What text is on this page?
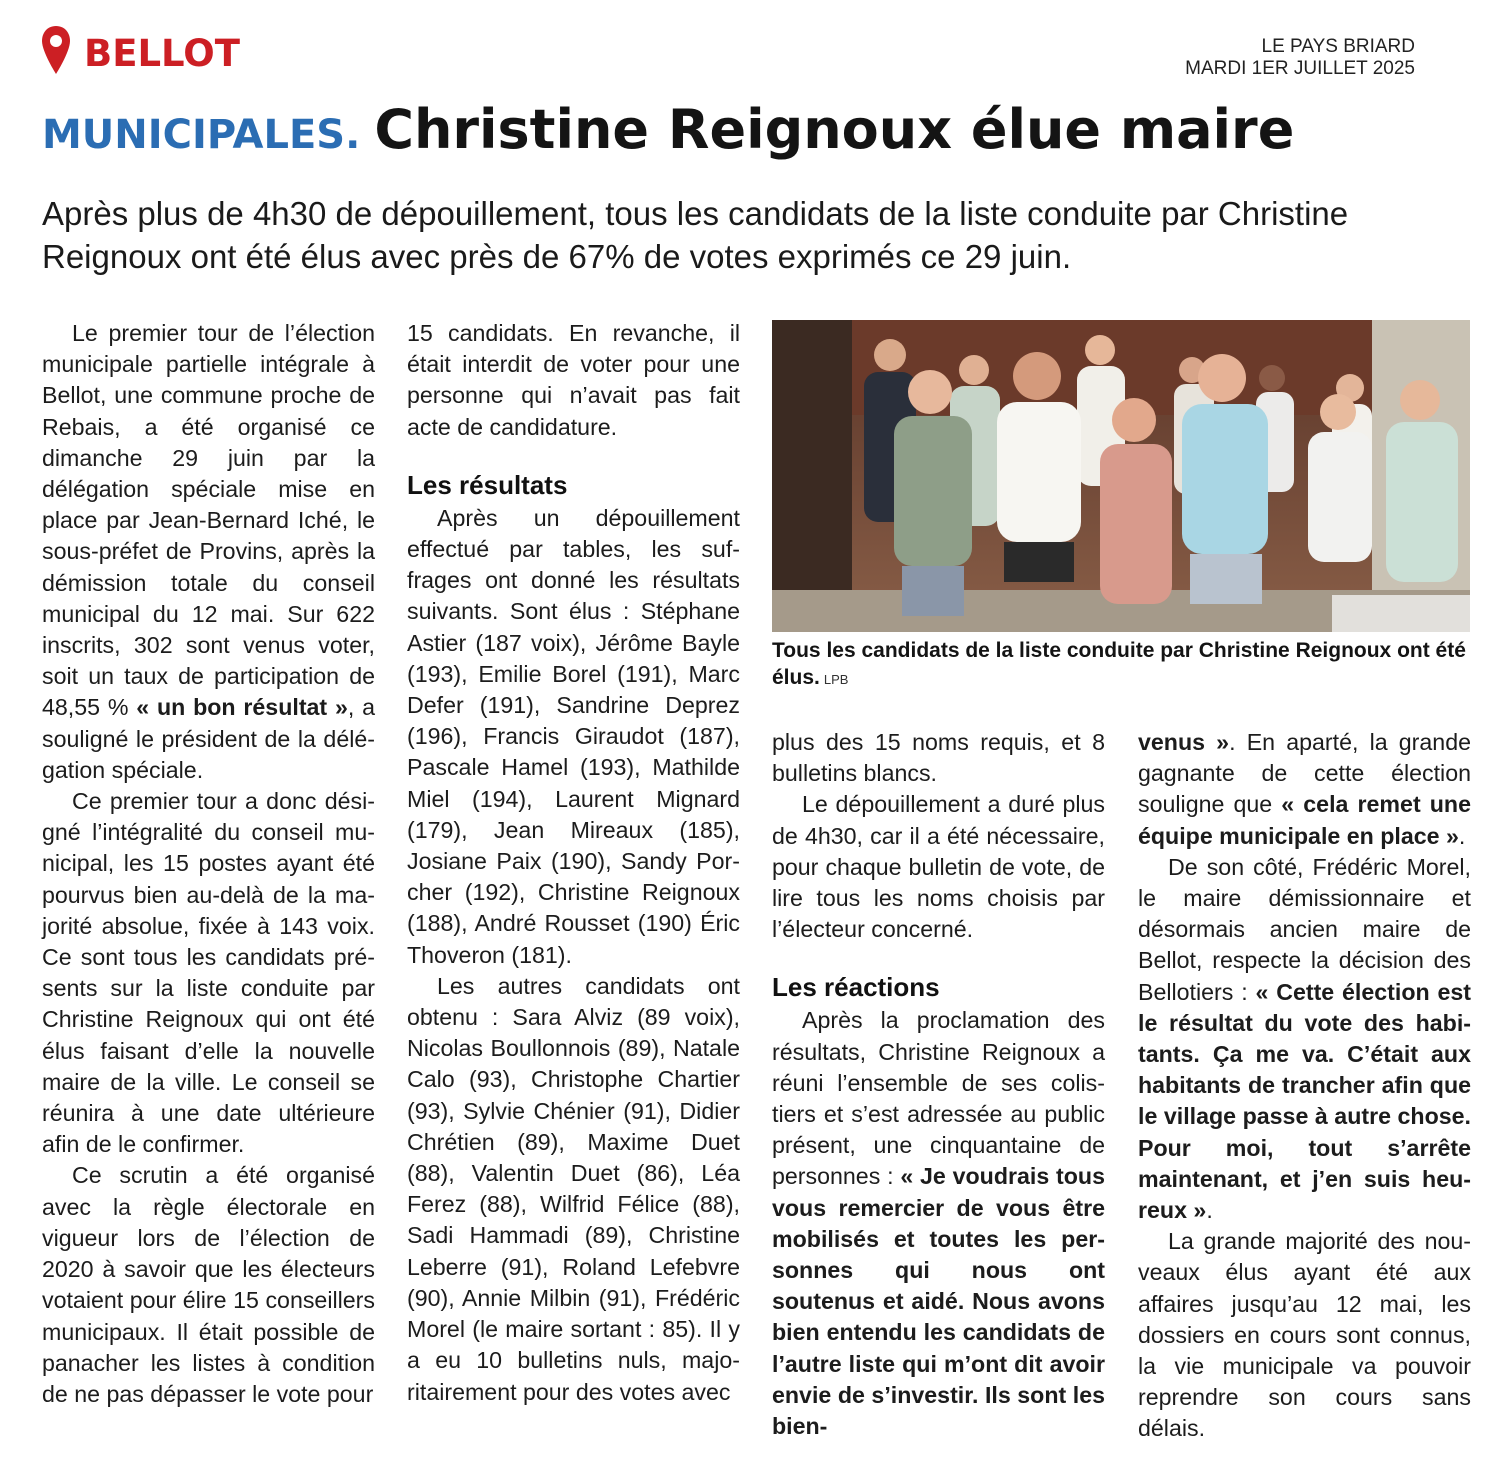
BELLOT	LE PAYS BRIARD
MARDI 1ER JUILLET 2025
MUNICIPALES. Christine Reignoux élue maire
Après plus de 4h30 de dépouillement, tous les candidats de la liste conduite par Christine Reignoux ont été élus avec près de 67% de votes exprimés ce 29 juin.

Le premier tour de l’élection municipale partielle intégrale à Bellot, une commune proche de Rebais, a été organisé ce dimanche 29 juin par la délégation spéciale mise en place par Jean-Bernard Iché, le sous-préfet de Provins, après la démission totale du conseil municipal du 12 mai. Sur 622 inscrits, 302 sont venus voter, soit un taux de participation de 48,55 % « un bon résultat », a souligné le président de la délégation spéciale.

Ce premier tour a donc désigné l’intégralité du conseil municipal, les 15 postes ayant été pourvus bien au-delà de la majorité absolue, fixée à 143 voix. Ce sont tous les candidats présents sur la liste conduite par Christine Reignoux qui ont été élus faisant d’elle la nouvelle maire de la ville. Le conseil se réunira à une date ultérieure afin de le confirmer.

Ce scrutin a été organisé avec la règle électorale en vigueur lors de l’élection de 2020 à savoir que les électeurs votaient pour élire 15 conseillers municipaux. Il était possible de panacher les listes à condition de ne pas dépasser le vote pour

15 candidats. En revanche, il était interdit de voter pour une personne qui n’avait pas fait acte de candidature.

Les résultats

Après un dépouillement effectué par tables, les suffrages ont donné les résultats suivants. Sont élus : Stéphane Astier (187 voix), Jérôme Bayle (193), Emilie Borel (191), Marc Defer (191), Sandrine Deprez (196), Francis Giraudot (187), Pascale Hamel (193), Mathilde Miel (194), Laurent Mignard (179), Jean Mireaux (185), Josiane Paix (190), Sandy Porcher (192), Christine Reignoux (188), André Rousset (190) Éric Thoveron (181).

Les autres candidats ont obtenu : Sara Alviz (89 voix), Nicolas Boullonnois (89), Natale Calo (93), Christophe Chartier (93), Sylvie Chénier (91), Didier Chrétien (89), Maxime Duet (88), Valentin Duet (86), Léa Ferez (88), Wilfrid Félice (88), Sadi Hammadi (89), Christine Leberre (91), Roland Lefebvre (90), Annie Milbin (91), Frédéric Morel (le maire sortant : 85). Il y a eu 10 bulletins nuls, majoritairement pour des votes avec

Tous les candidats de la liste conduite par Christine Reignoux ont été élus. LPB

plus des 15 noms requis, et 8 bulletins blancs.

Le dépouillement a duré plus de 4h30, car il a été nécessaire, pour chaque bulletin de vote, de lire tous les noms choisis par l’électeur concerné.

Les réactions

Après la proclamation des résultats, Christine Reignoux a réuni l’ensemble de ses colistiers et s’est adressée au public présent, une cinquantaine de personnes : « Je voudrais tous vous remercier de vous être mobilisés et toutes les personnes qui nous ont soutenus et aidé. Nous avons bien entendu les candidats de l’autre liste qui m’ont dit avoir envie de s’investir. Ils sont les bien-

venus ». En aparté, la grande gagnante de cette élection souligne que « cela remet une équipe municipale en place ».

De son côté, Frédéric Morel, le maire démissionnaire et désormais ancien maire de Bellot, respecte la décision des Bellotiers : « Cette élection est le résultat du vote des habitants. Ça me va. C’était aux habitants de trancher afin que le village passe à autre chose. Pour moi, tout s’arrête maintenant, et j’en suis heureux ».

La grande majorité des nouveaux élus ayant été aux affaires jusqu’au 12 mai, les dossiers en cours sont connus, la vie municipale va pouvoir reprendre son cours sans délais.
